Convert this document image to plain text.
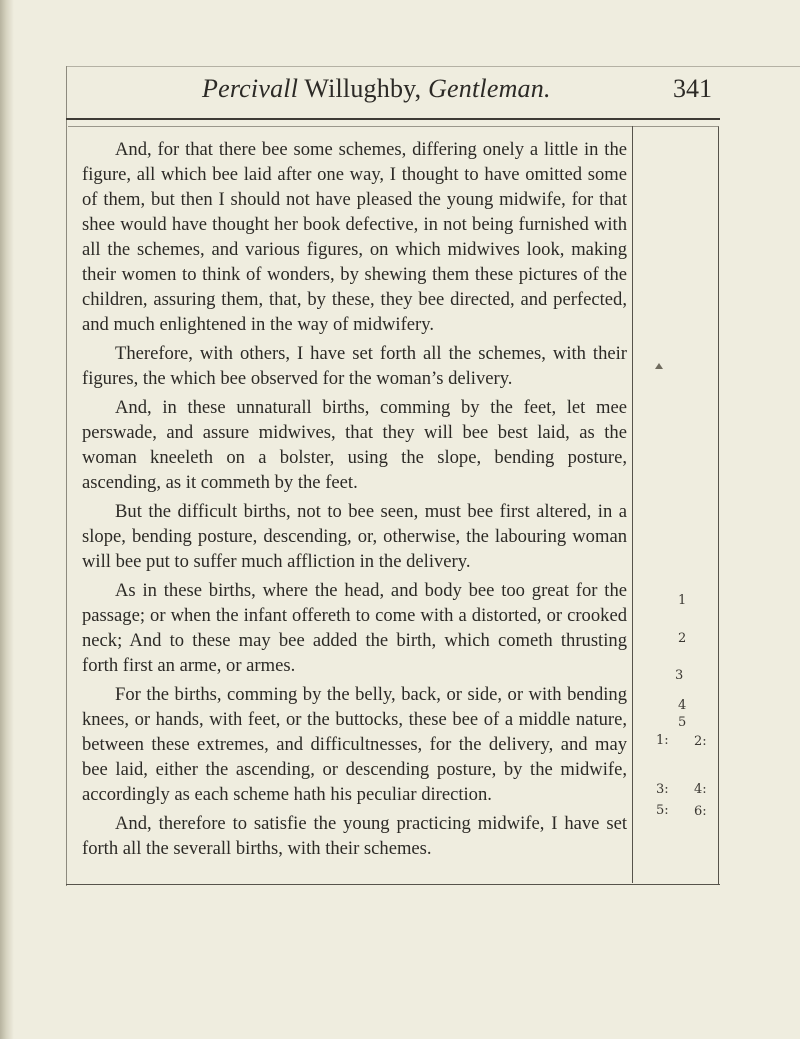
Percivall Willughby, Gentleman.	341

And, for that there bee some schemes, differing onely a little in the figure, all which bee laid after one way, I thought to have omitted some of them, but then I should not have pleased the young midwife, for that shee would have thought her book defective, in not being furnished with all the schemes, and various figures, on which midwives look, making their women to think of wonders, by shewing them these pictures of the children, assuring them, that, by these, they bee directed, and perfected, and much enlightened in the way of midwifery.

Therefore, with others, I have set forth all the schemes, with their figures, the which bee observed for the woman’s delivery.

And, in these unnaturall births, comming by the feet, let mee perswade, and assure midwives, that they will bee best laid, as the woman kneeleth on a bolster, using the slope, bending posture, ascending, as it commeth by the feet.

But the difficult births, not to bee seen, must bee first altered, in a slope, bending posture, descending, or, otherwise, the labouring woman will bee put to suffer much affliction in the delivery.

As in these births, where the head, and body bee too great for the passage; or when the infant offereth to come with a distorted, or crooked neck; And to these may bee added the birth, which cometh thrusting forth first an arme, or armes.

For the births, comming by the belly, back, or side, or with bending knees, or hands, with feet, or the buttocks, these bee of a middle nature, between these extremes, and difficultnesses, for the delivery, and may bee laid, either the ascending, or descending posture, by the midwife, accordingly as each scheme hath his peculiar direction.

And, therefore to satisfie the young practicing midwife, I have set forth all the severall births, with their schemes.

1
2
3
4
5
1: 2:
3: 4:
5: 6:
